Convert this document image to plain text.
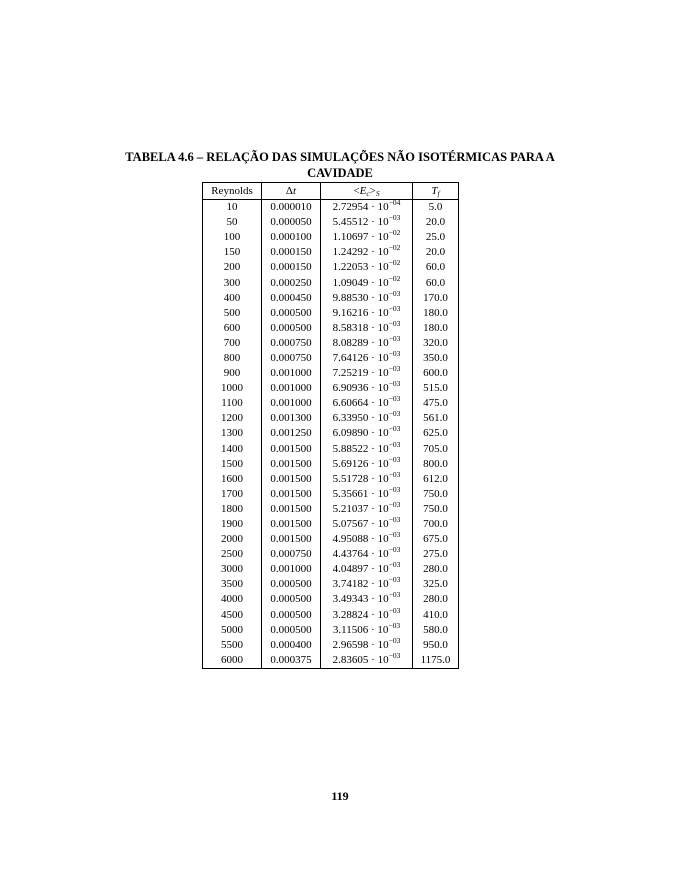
TABELA 4.6 – RELAÇÃO DAS SIMULAÇÕES NÃO ISOTÉRMICAS PARA A
CAVIDADE
Reynolds	Δt	$<E_c>_S$	$T_f$
10	0.000010	$2.72954 \cdot 10^{-04}$	5.0
50	0.000050	$5.45512 \cdot 10^{-03}$	20.0
100	0.000100	$1.10697 \cdot 10^{-02}$	25.0
150	0.000150	$1.24292 \cdot 10^{-02}$	20.0
200	0.000150	$1.22053 \cdot 10^{-02}$	60.0
300	0.000250	$1.09049 \cdot 10^{-02}$	60.0
400	0.000450	$9.88530 \cdot 10^{-03}$	170.0
500	0.000500	$9.16216 \cdot 10^{-03}$	180.0
600	0.000500	$8.58318 \cdot 10^{-03}$	180.0
700	0.000750	$8.08289 \cdot 10^{-03}$	320.0
800	0.000750	$7.64126 \cdot 10^{-03}$	350.0
900	0.001000	$7.25219 \cdot 10^{-03}$	600.0
1000	0.001000	$6.90936 \cdot 10^{-03}$	515.0
1100	0.001000	$6.60664 \cdot 10^{-03}$	475.0
1200	0.001300	$6.33950 \cdot 10^{-03}$	561.0
1300	0.001250	$6.09890 \cdot 10^{-03}$	625.0
1400	0.001500	$5.88522 \cdot 10^{-03}$	705.0
1500	0.001500	$5.69126 \cdot 10^{-03}$	800.0
1600	0.001500	$5.51728 \cdot 10^{-03}$	612.0
1700	0.001500	$5.35661 \cdot 10^{-03}$	750.0
1800	0.001500	$5.21037 \cdot 10^{-03}$	750.0
1900	0.001500	$5.07567 \cdot 10^{-03}$	700.0
2000	0.001500	$4.95088 \cdot 10^{-03}$	675.0
2500	0.000750	$4.43764 \cdot 10^{-03}$	275.0
3000	0.001000	$4.04897 \cdot 10^{-03}$	280.0
3500	0.000500	$3.74182 \cdot 10^{-03}$	325.0
4000	0.000500	$3.49343 \cdot 10^{-03}$	280.0
4500	0.000500	$3.28824 \cdot 10^{-03}$	410.0
5000	0.000500	$3.11506 \cdot 10^{-03}$	580.0
5500	0.000400	$2.96598 \cdot 10^{-03}$	950.0
6000	0.000375	$2.83605 \cdot 10^{-03}$	1175.0
119
